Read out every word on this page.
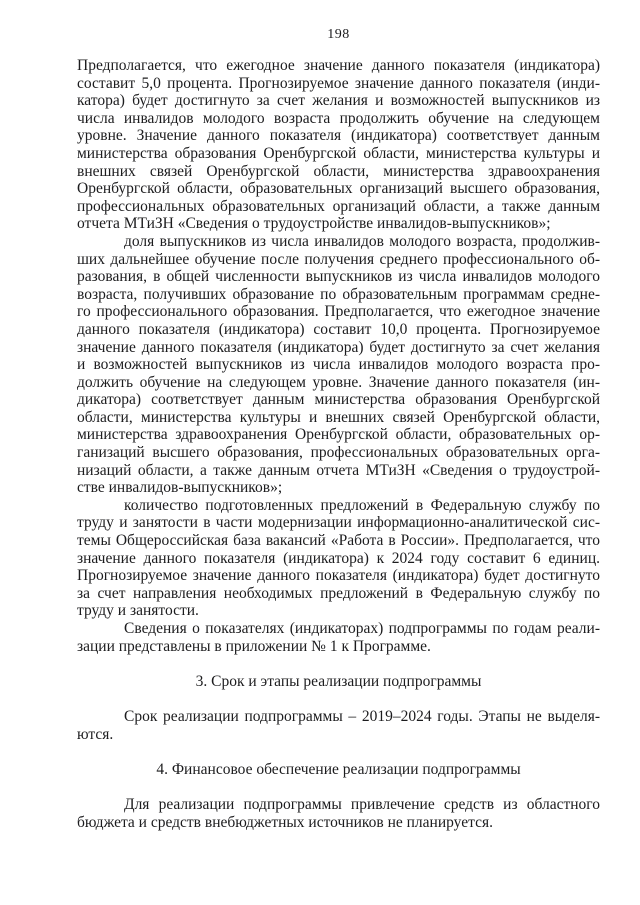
198
Предполагается, что ежегодное значение данного показателя (индикатора)
составит 5,0 процента. Прогнозируемое значение данного показателя (инди-
катора) будет достигнуто за счет желания и возможностей выпускников из
числа инвалидов молодого возраста продолжить обучение на следующем
уровне. Значение данного показателя (индикатора) соответствует данным
министерства образования Оренбургской области, министерства культуры и
внешних связей Оренбургской области, министерства здравоохранения
Оренбургской области, образовательных организаций высшего образования,
профессиональных образовательных организаций области, а также данным
отчета МТиЗН «Сведения о трудоустройстве инвалидов-выпускников»;
доля выпускников из числа инвалидов молодого возраста, продолжив-
ших дальнейшее обучение после получения среднего профессионального об-
разования, в общей численности выпускников из числа инвалидов молодого
возраста, получивших образование по образовательным программам средне-
го профессионального образования. Предполагается, что ежегодное значение
данного показателя (индикатора) составит 10,0 процента. Прогнозируемое
значение данного показателя (индикатора) будет достигнуто за счет желания
и возможностей выпускников из числа инвалидов молодого возраста про-
должить обучение на следующем уровне. Значение данного показателя (ин-
дикатора) соответствует данным министерства образования Оренбургской
области, министерства культуры и внешних связей Оренбургской области,
министерства здравоохранения Оренбургской области, образовательных ор-
ганизаций высшего образования, профессиональных образовательных орга-
низаций области, а также данным отчета МТиЗН «Сведения о трудоустрой-
стве инвалидов-выпускников»;
количество подготовленных предложений в Федеральную службу по
труду и занятости в части модернизации информационно-аналитической сис-
темы Общероссийская база вакансий «Работа в России». Предполагается, что
значение данного показателя (индикатора) к 2024 году составит 6 единиц.
Прогнозируемое значение данного показателя (индикатора) будет достигнуто
за счет направления необходимых предложений в Федеральную службу по
труду и занятости.
Сведения о показателях (индикаторах) подпрограммы по годам реали-
зации представлены в приложении № 1 к Программе.
3. Срок и этапы реализации подпрограммы
Срок реализации подпрограммы – 2019–2024 годы. Этапы не выделя-
ются.
4. Финансовое обеспечение реализации подпрограммы
Для реализации подпрограммы привлечение средств из областного
бюджета и средств внебюджетных источников не планируется.
